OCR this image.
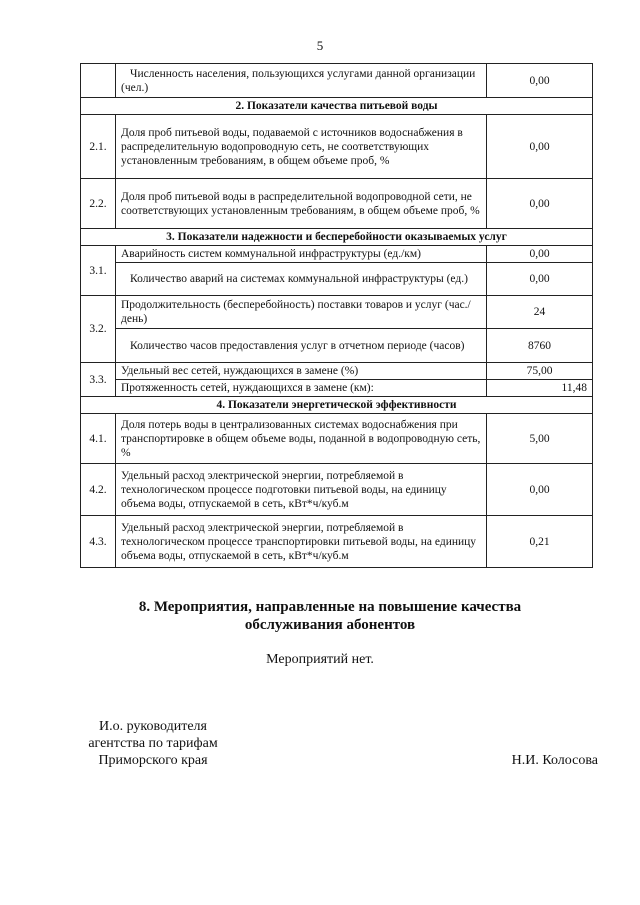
5
	Численность населения, пользующихся услугами данной организации (чел.)	0,00
2. Показатели качества питьевой воды		
2.1.	Доля проб питьевой воды, подаваемой с источников водоснабжения в распределительную водопроводную сеть, не соответствующих установленным требованиям, в общем объеме проб, %	0,00
2.2.	Доля проб питьевой воды в распределительной водопроводной сети, не соответствующих установленным требованиям, в общем объеме проб, %	0,00
3. Показатели надежности и бесперебойности оказываемых услуг		
3.1.	Аварийность систем коммунальной инфраструктуры (ед./км)	0,00
	Количество аварий на системах коммунальной инфраструктуры (ед.)	0,00
3.2.	Продолжительность (бесперебойность) поставки товаров и услуг (час./день)	24
	Количество часов предоставления услуг в отчетном периоде (часов)	8760
3.3.	Удельный вес сетей, нуждающихся в замене (%)	75,00
	Протяженность сетей, нуждающихся в замене (км):	11,48
4. Показатели энергетической эффективности		
4.1.	Доля потерь воды в централизованных системах водоснабжения при транспортировке в общем объеме воды, поданной в водопроводную сеть, %	5,00
4.2.	Удельный расход электрической энергии, потребляемой в технологическом процессе подготовки питьевой воды, на единицу объема воды, отпускаемой в сеть, кВт*ч/куб.м	0,00
4.3.	Удельный расход электрической энергии, потребляемой в технологическом процессе транспортировки питьевой воды, на единицу объема воды, отпускаемой в сеть, кВт*ч/куб.м	0,21
8. Мероприятия, направленные на повышение качества
обслуживания абонентов
Мероприятий нет.
И.о. руководителя
агентства по тарифам
Приморского края	Н.И. Колосова
